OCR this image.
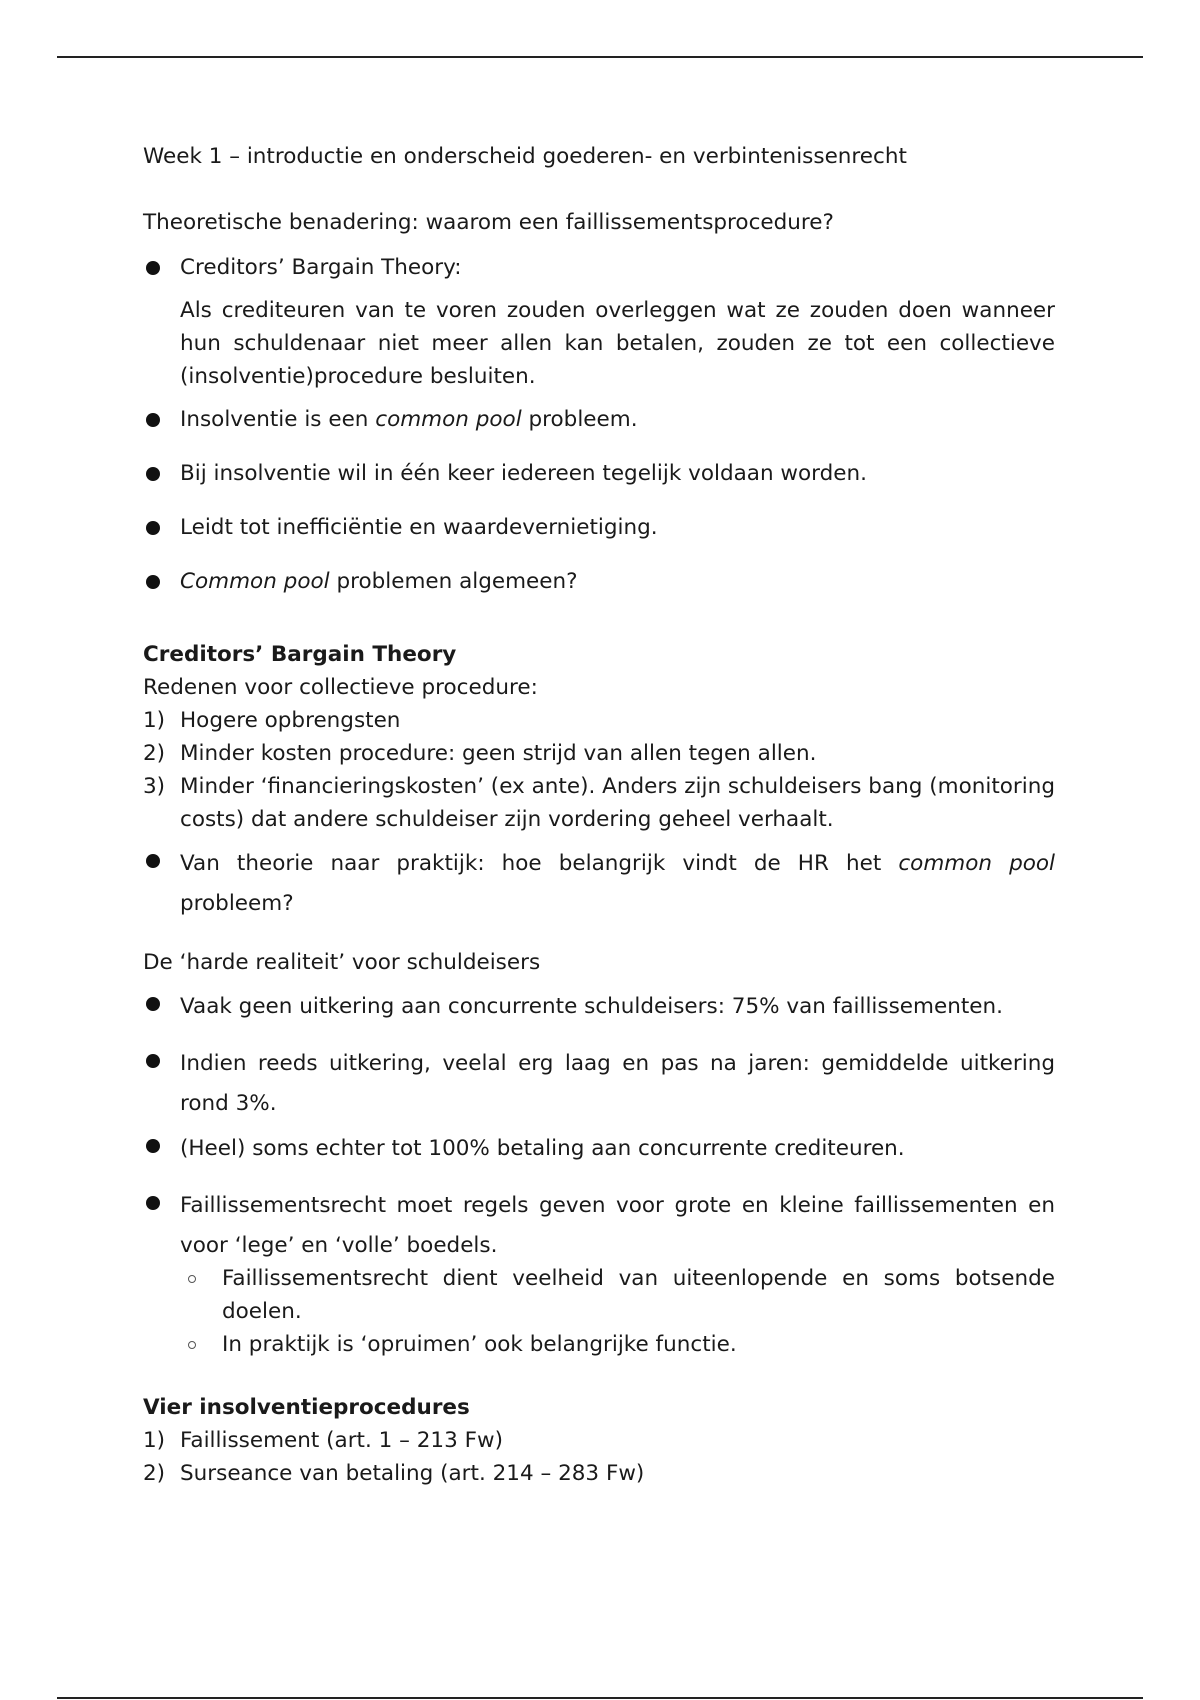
Week 1 – introductie en onderscheid goederen- en verbintenissenrecht

Theoretische benadering: waarom een faillissementsprocedure?

Creditors’ Bargain Theory:
Als crediteuren van te voren zouden overleggen wat ze zouden doen wanneer hun schuldenaar niet meer allen kan betalen, zouden ze tot een collectieve (insolventie)procedure besluiten.
Insolventie is een common pool probleem.
Bij insolventie wil in één keer iedereen tegelijk voldaan worden.
Leidt tot inefficiëntie en waardevernietiging.
Common pool problemen algemeen?

Creditors’ Bargain Theory

Redenen voor collectieve procedure:

1) Hogere opbrengsten
2) Minder kosten procedure: geen strijd van allen tegen allen.
3) Minder ‘financieringskosten’ (ex ante). Anders zijn schuldeisers bang (monitoring costs) dat andere schuldeiser zijn vordering geheel verhaalt.
Van theorie naar praktijk: hoe belangrijk vindt de HR het common pool probleem?

De ‘harde realiteit’ voor schuldeisers

Vaak geen uitkering aan concurrente schuldeisers: 75% van faillissementen.
Indien reeds uitkering, veelal erg laag en pas na jaren: gemiddelde uitkering rond 3%.
(Heel) soms echter tot 100% betaling aan concurrente crediteuren.
Faillissementsrecht moet regels geven voor grote en kleine faillissementen en voor ‘lege’ en ‘volle’ boedels.
Faillissementsrecht dient veelheid van uiteenlopende en soms botsende doelen.
In praktijk is ‘opruimen’ ook belangrijke functie.

Vier insolventieprocedures

1) Faillissement (art. 1 – 213 Fw)
2) Surseance van betaling (art. 214 – 283 Fw)
